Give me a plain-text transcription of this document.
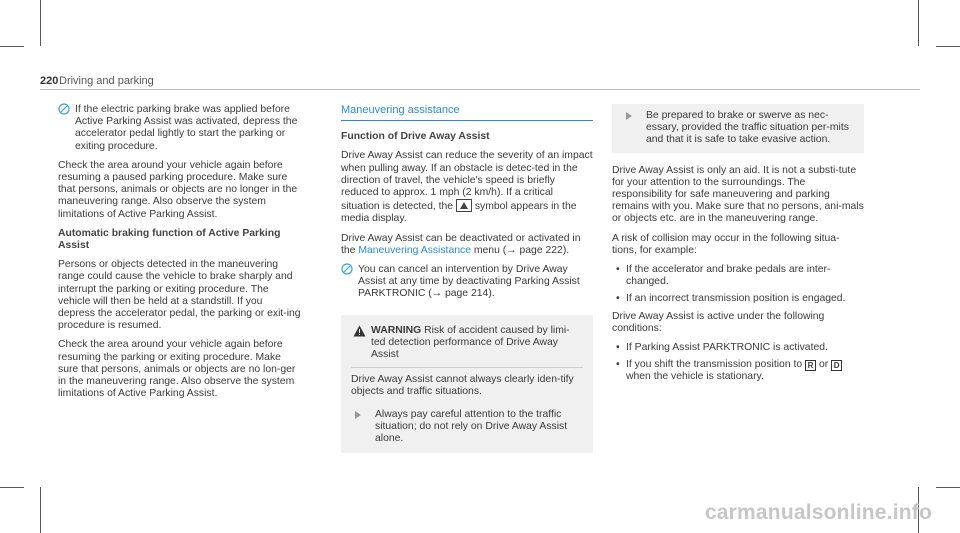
220 Driving and parking
If the electric parking brake was applied before Active Parking Assist was activated, depress the accelerator pedal lightly to start the parking or exiting procedure.

Check the area around your vehicle again before resuming a paused parking procedure. Make sure that persons, animals or objects are no longer in the maneuvering range. Also observe the system limitations of Active Parking Assist.

Automatic braking function of Active Parking Assist

Persons or objects detected in the maneuvering range could cause the vehicle to brake sharply and interrupt the parking or exiting procedure. The vehicle will then be held at a standstill. If you depress the accelerator pedal, the parking or exit-ing procedure is resumed.

Check the area around your vehicle again before resuming the parking or exiting procedure. Make sure that persons, animals or objects are no lon-ger in the maneuvering range. Also observe the system limitations of Active Parking Assist.

Maneuvering assistance

Function of Drive Away Assist

Drive Away Assist can reduce the severity of an impact when pulling away. If an obstacle is detec-ted in the direction of travel, the vehicle's speed is briefly reduced to approx. 1 mph (2 km/h). If a critical situation is detected, the symbol appears in the media display.

Drive Away Assist can be deactivated or activated in the Maneuvering Assistance menu (→ page 222).

You can cancel an intervention by Drive Away Assist at any time by deactivating Parking Assist PARKTRONIC (→ page 214).
WARNING Risk of accident caused by limi-ted detection performance of Drive Away Assist
Drive Away Assist cannot always clearly iden-tify objects and traffic situations.
Always pay careful attention to the traffic situation; do not rely on Drive Away Assist alone.
Be prepared to brake or swerve as nec-essary, provided the traffic situation per-mits and that it is safe to take evasive action.

Drive Away Assist is only an aid. It is not a substi-tute for your attention to the surroundings. The responsibility for safe maneuvering and parking remains with you. Make sure that no persons, ani-mals or objects etc. are in the maneuvering range.

A risk of collision may occur in the following situa-tions, for example:

• If the accelerator and brake pedals are inter-changed.
• If an incorrect transmission position is engaged.

Drive Away Assist is active under the following conditions:

• If Parking Assist PARKTRONIC is activated.
• If you shift the transmission position to R or D when the vehicle is stationary.
carmanualsonline.info
